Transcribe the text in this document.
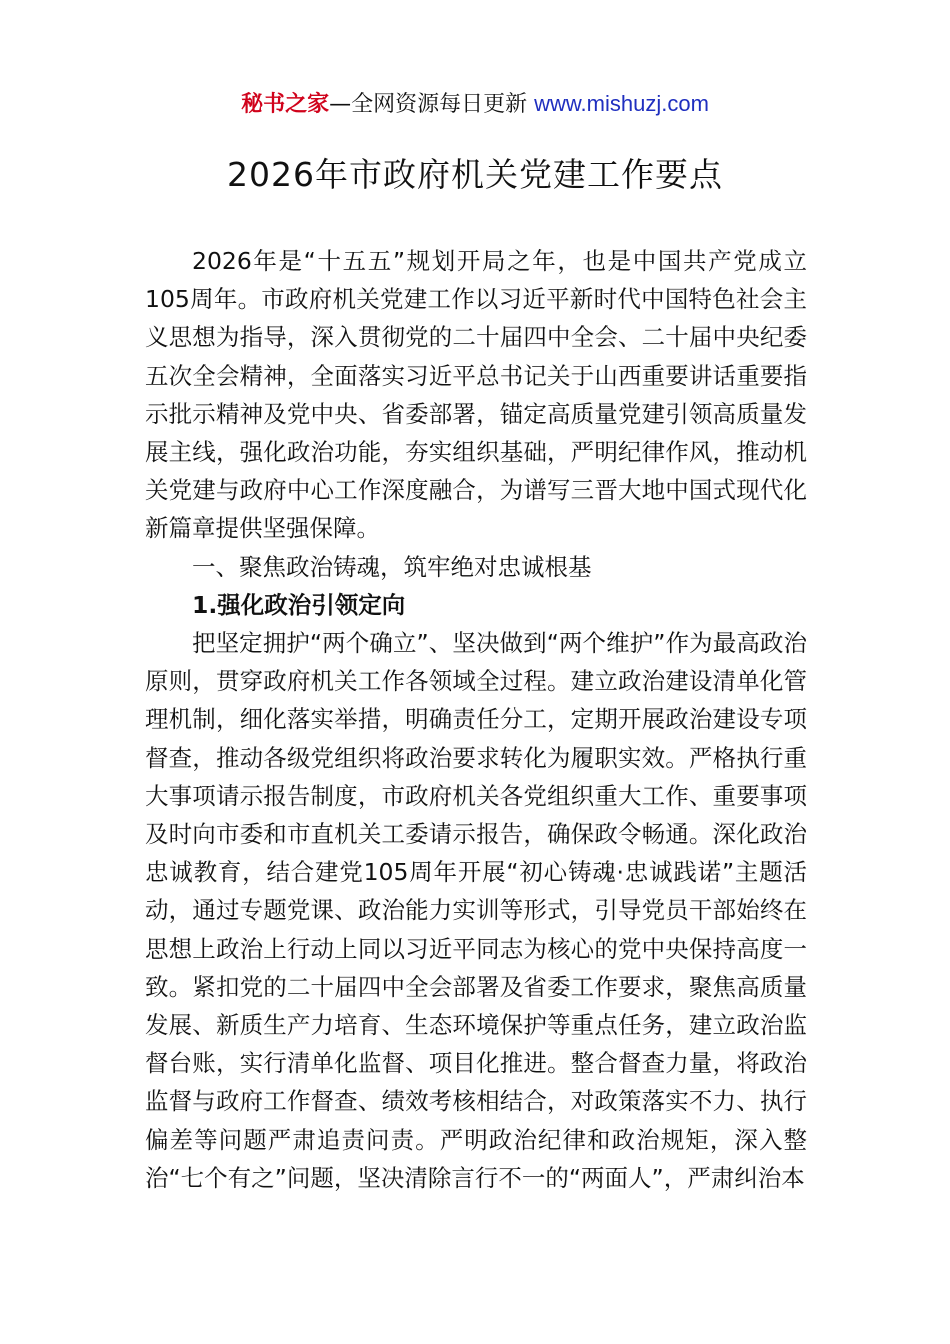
秘书之家—全网资源每日更新 www.mishuzj.com
2026年市政府机关党建工作要点

2026年是“十五五”规划开局之年，也是中国共产党成立105周年。市政府机关党建工作以习近平新时代中国特色社会主义思想为指导，深入贯彻党的二十届四中全会、二十届中央纪委五次全会精神，全面落实习近平总书记关于山西重要讲话重要指示批示精神及党中央、省委部署，锚定高质量党建引领高质量发展主线，强化政治功能，夯实组织基础，严明纪律作风，推动机关党建与政府中心工作深度融合，为谱写三晋大地中国式现代化新篇章提供坚强保障。

一、聚焦政治铸魂，筑牢绝对忠诚根基

1.强化政治引领定向

把坚定拥护“两个确立”、坚决做到“两个维护”作为最高政治原则，贯穿政府机关工作各领域全过程。建立政治建设清单化管理机制，细化落实举措，明确责任分工，定期开展政治建设专项督查，推动各级党组织将政治要求转化为履职实效。严格执行重大事项请示报告制度，市政府机关各党组织重大工作、重要事项及时向市委和市直机关工委请示报告，确保政令畅通。深化政治忠诚教育，结合建党105周年开展“初心铸魂·忠诚践诺”主题活动，通过专题党课、政治能力实训等形式，引导党员干部始终在思想上政治上行动上同以习近平同志为核心的党中央保持高度一致。紧扣党的二十届四中全会部署及省委工作要求，聚焦高质量发展、新质生产力培育、生态环境保护等重点任务，建立政治监督台账，实行清单化监督、项目化推进。整合督查力量，将政治监督与政府工作督查、绩效考核相结合，对政策落实不力、执行偏差等问题严肃追责问责。严明政治纪律和政治规矩，深入整治“七个有之”问题，坚决清除言行不一的“两面人”，严肃纠治本
